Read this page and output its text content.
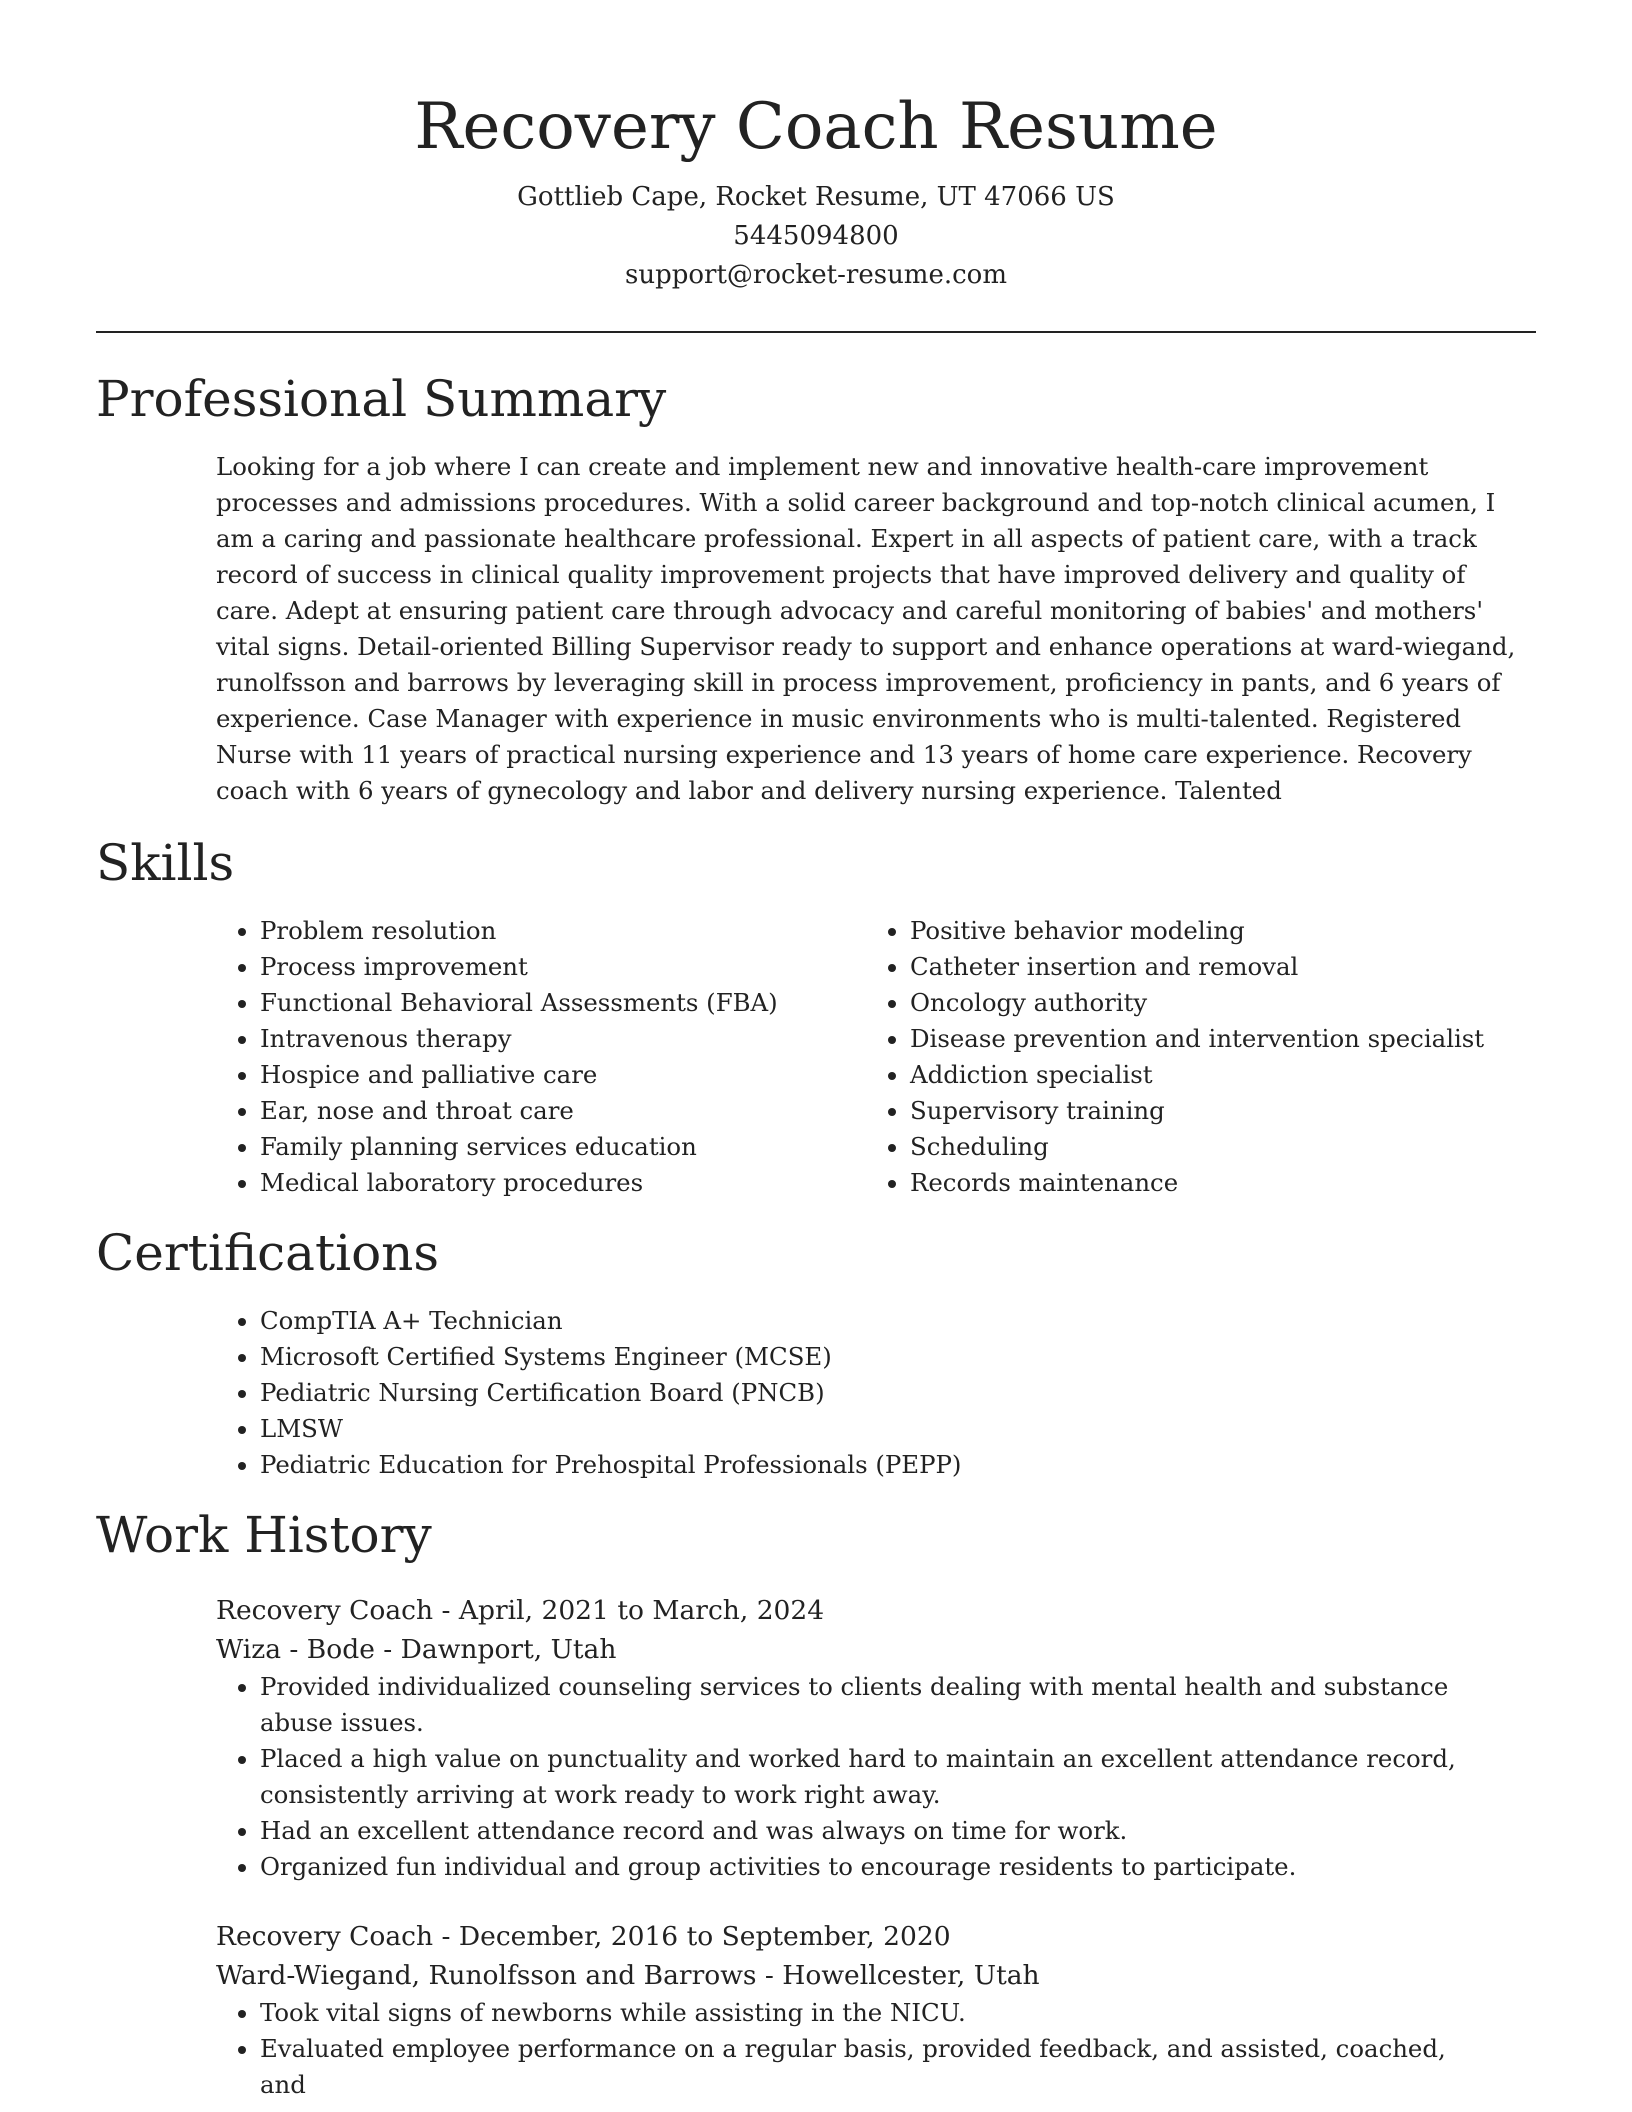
Recovery Coach Resume
Gottlieb Cape, Rocket Resume, UT 47066 US
5445094800
support@rocket-resume.com
Professional Summary
Looking for a job where I can create and implement new and innovative health-care improvement processes and admissions procedures. With a solid career background and top-notch clinical acumen, I am a caring and passionate healthcare professional. Expert in all aspects of patient care, with a track record of success in clinical quality improvement projects that have improved delivery and quality of care. Adept at ensuring patient care through advocacy and careful monitoring of babies' and mothers' vital signs. Detail-oriented Billing Supervisor ready to support and enhance operations at ward-wiegand, runolfsson and barrows by leveraging skill in process improvement, proficiency in pants, and 6 years of experience. Case Manager with experience in music environments who is multi-talented. Registered Nurse with 11 years of practical nursing experience and 13 years of home care experience. Recovery coach with 6 years of gynecology and labor and delivery nursing experience. Talented
Skills
• Problem resolution
• Process improvement
• Functional Behavioral Assessments (FBA)
• Intravenous therapy
• Hospice and palliative care
• Ear, nose and throat care
• Family planning services education
• Medical laboratory procedures
• Positive behavior modeling
• Catheter insertion and removal
• Oncology authority
• Disease prevention and intervention specialist
• Addiction specialist
• Supervisory training
• Scheduling
• Records maintenance
Certifications
• CompTIA A+ Technician
• Microsoft Certified Systems Engineer (MCSE)
• Pediatric Nursing Certification Board (PNCB)
• LMSW
• Pediatric Education for Prehospital Professionals (PEPP)
Work History
Recovery Coach - April, 2021 to March, 2024
Wiza - Bode - Dawnport, Utah
• Provided individualized counseling services to clients dealing with mental health and substance abuse issues.
• Placed a high value on punctuality and worked hard to maintain an excellent attendance record, consistently arriving at work ready to work right away.
• Had an excellent attendance record and was always on time for work.
• Organized fun individual and group activities to encourage residents to participate.
Recovery Coach - December, 2016 to September, 2020
Ward-Wiegand, Runolfsson and Barrows - Howellcester, Utah
• Took vital signs of newborns while assisting in the NICU.
• Evaluated employee performance on a regular basis, provided feedback, and assisted, coached, and
